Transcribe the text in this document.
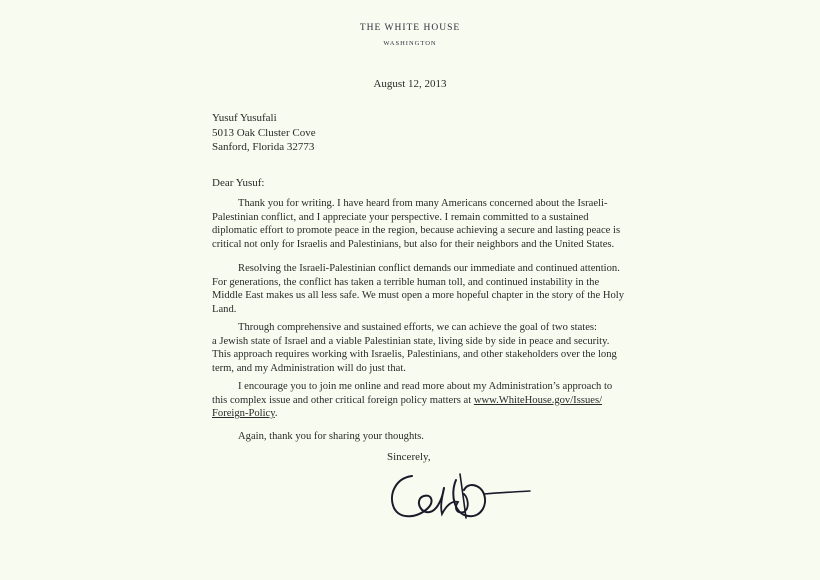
THE WHITE HOUSE
WASHINGTON
August 12, 2013
Yusuf Yusufali
5013 Oak Cluster Cove
Sanford, Florida 32773
Dear Yusuf:
Thank you for writing. I have heard from many Americans concerned about the Israeli-
Palestinian conflict, and I appreciate your perspective. I remain committed to a sustained
diplomatic effort to promote peace in the region, because achieving a secure and lasting peace is
critical not only for Israelis and Palestinians, but also for their neighbors and the United States.
Resolving the Israeli-Palestinian conflict demands our immediate and continued attention.
For generations, the conflict has taken a terrible human toll, and continued instability in the
Middle East makes us all less safe. We must open a more hopeful chapter in the story of the Holy
Land.
Through comprehensive and sustained efforts, we can achieve the goal of two states:
a Jewish state of Israel and a viable Palestinian state, living side by side in peace and security.
This approach requires working with Israelis, Palestinians, and other stakeholders over the long
term, and my Administration will do just that.
I encourage you to join me online and read more about my Administration’s approach to
this complex issue and other critical foreign policy matters at www.WhiteHouse.gov/Issues/
Foreign-Policy.
Again, thank you for sharing your thoughts.
Sincerely,
